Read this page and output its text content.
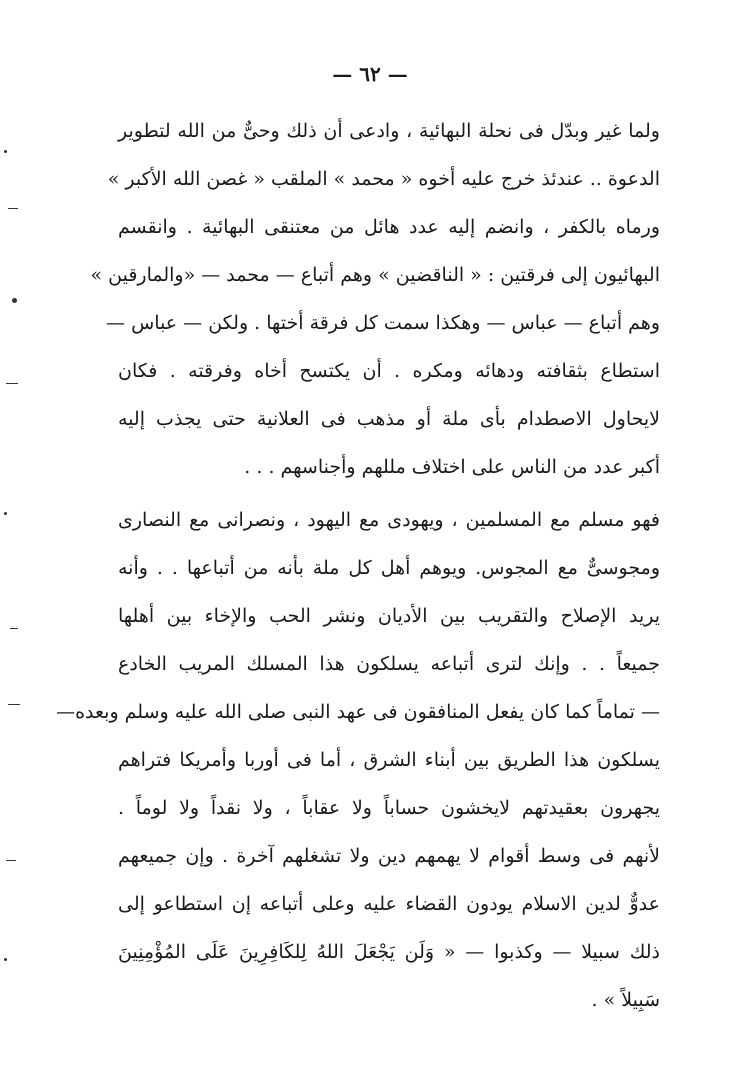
— ٦٢ —
ولما غير وبدّل فى نحلة البهائية ، وادعى أن ذلك وحىٌّ من الله لتطوير
الدعوة .. عندئذ خرج عليه أخوه « محمد » الملقب « غصن الله الأكبر »
ورماه بالكفر ، وانضم إليه عدد هائل من معتنقى البهائية . وانقسم
البهائيون إلى فرقتين : « الناقضين » وهم أتباع — محمد — «والمارقين »
وهم أتباع — عباس — وهكذا سمت كل فرقة أختها . ولكن — عباس —
استطاع بثقافته ودهائه ومكره . أن يكتسح أخاه وفرقته . فكان
لايحاول الاصطدام بأى ملة أو مذهب فى العلانية حتى يجذب إليه
أكبر عدد من الناس على اختلاف مللهم وأجناسهم . . .
فهو مسلم مع المسلمين ، ويهودى مع اليهود ، ونصرانى مع النصارى
ومجوسىٌّ مع المجوس. ويوهم أهل كل ملة بأنه من أتباعها . . وأنه
يريد الإصلاح والتقريب بين الأديان ونشر الحب والإخاء بين أهلها
جميعاً . . وإنك لترى أتباعه يسلكون هذا المسلك المريب الخادع
— تماماً كما كان يفعل المنافقون فى عهد النبى صلى الله عليه وسلم وبعده—
يسلكون هذا الطريق بين أبناء الشرق ، أما فى أوربا وأمريكا فتراهم
يجهرون بعقيدتهم لايخشون حساباً ولا عقاباً ، ولا نقداً ولا لوماً .
لأنهم فى وسط أقوام لا يهمهم دين ولا تشغلهم آخرة . وإن جميعهم
عدوٌّ لدين الاسلام يودون القضاء عليه وعلى أتباعه إن استطاعو إلى
ذلك سبيلا — وكذبوا — « وَلَن يَجْعَلَ اللهُ لِلكَافِرِينَ عَلَى المُؤْمِنِينَ
سَبِيلاً » .
